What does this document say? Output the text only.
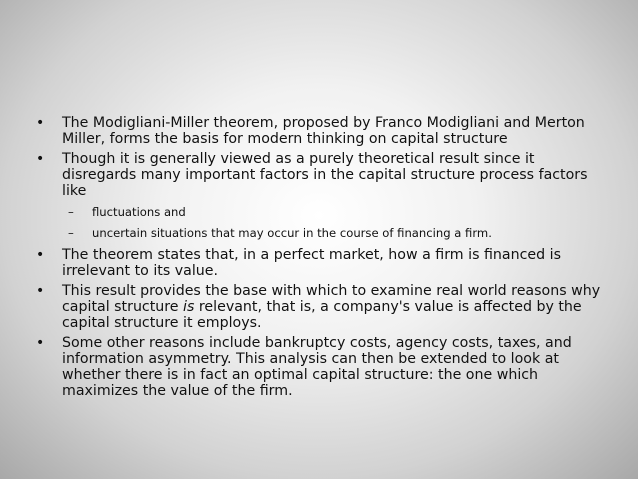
•	The Modigliani-Miller theorem, proposed by Franco Modigliani and Merton Miller, forms the basis for modern thinking on capital structure
•	Though it is generally viewed as a purely theoretical result since it disregards many important factors in the capital structure process factors like
–	fluctuations and
–	uncertain situations that may occur in the course of financing a firm.
•	The theorem states that, in a perfect market, how a firm is financed is irrelevant to its value.
•	This result provides the base with which to examine real world reasons why capital structure is relevant, that is, a company's value is affected by the capital structure it employs.
•	Some other reasons include bankruptcy costs, agency costs, taxes, and information asymmetry. This analysis can then be extended to look at whether there is in fact an optimal capital structure: the one which maximizes the value of the firm.
